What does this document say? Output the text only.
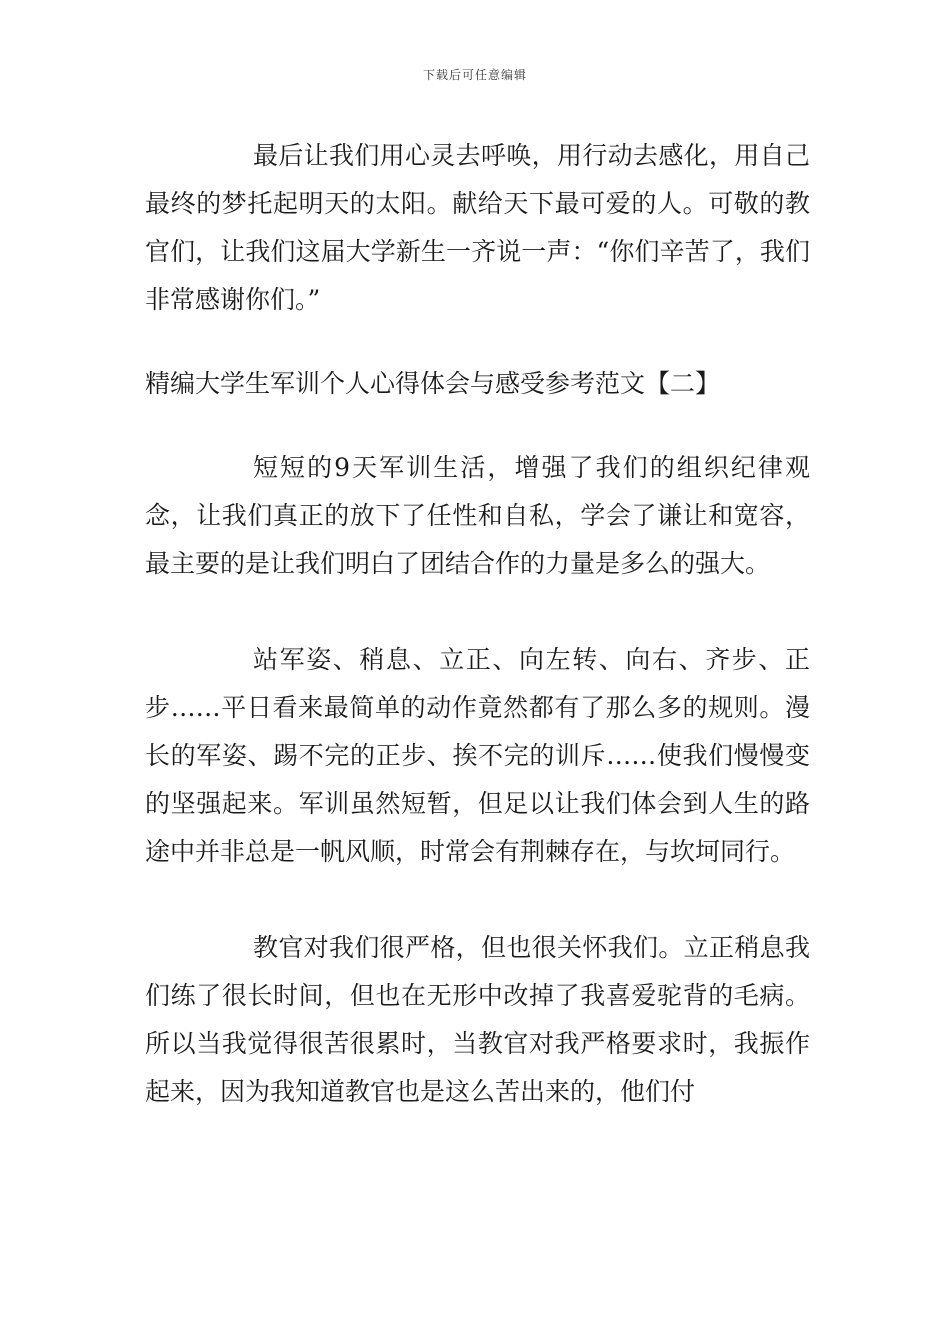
下载后可任意编辑

最后让我们用心灵去呼唤，用行动去感化，用自己最终的梦托起明天的太阳。献给天下最可爱的人。可敬的教官们，让我们这届大学新生一齐说一声：“你们辛苦了，我们非常感谢你们。”

精编大学生军训个人心得体会与感受参考范文【二】

短短的9天军训生活，增强了我们的组织纪律观念，让我们真正的放下了任性和自私，学会了谦让和宽容，最主要的是让我们明白了团结合作的力量是多么的强大。

站军姿、稍息、立正、向左转、向右、齐步、正步……平日看来最简单的动作竟然都有了那么多的规则。漫长的军姿、踢不完的正步、挨不完的训斥……使我们慢慢变的坚强起来。军训虽然短暂，但足以让我们体会到人生的路途中并非总是一帆风顺，时常会有荆棘存在，与坎坷同行。

教官对我们很严格，但也很关怀我们。立正稍息我们练了很长时间，但也在无形中改掉了我喜爱驼背的毛病。所以当我觉得很苦很累时，当教官对我严格要求时，我振作起来，因为我知道教官也是这么苦出来的，他们付
